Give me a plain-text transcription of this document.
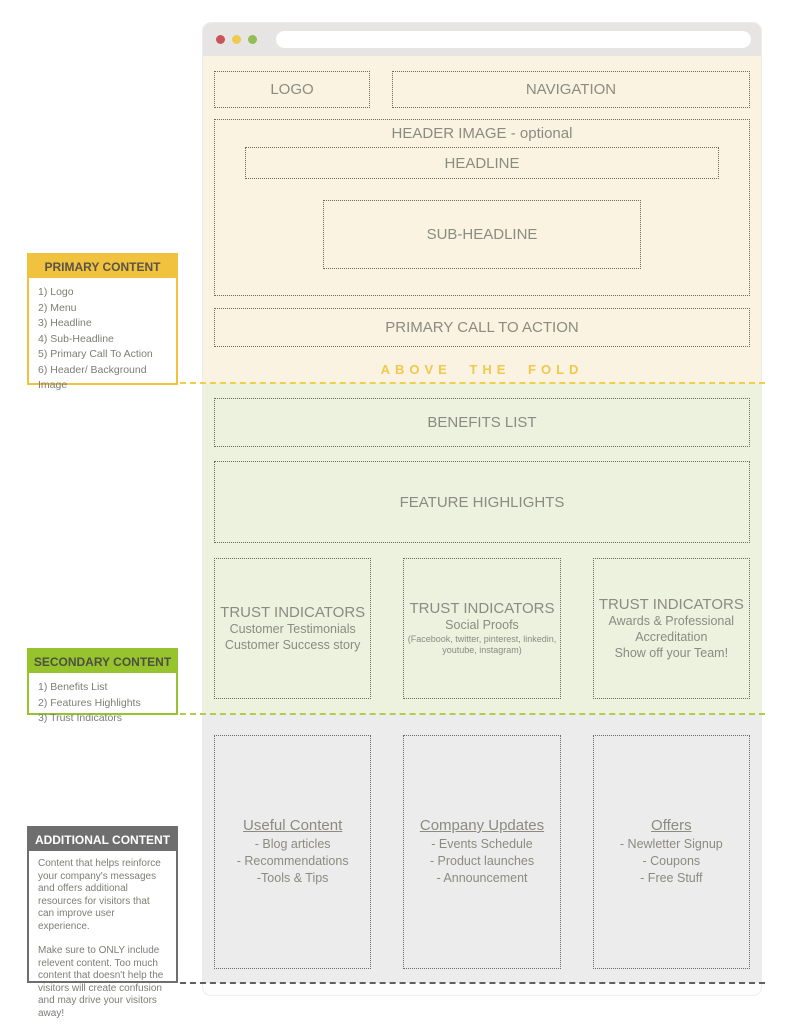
LOGO	NAVIGATION
HEADER IMAGE - optional
HEADLINE
SUB-HEADLINE
PRIMARY CALL TO ACTION
ABOVE THE FOLD
BENEFITS LIST
FEATURE HIGHLIGHTS
TRUST INDICATORS
Customer Testimonials
Customer Success story
TRUST INDICATORS
Social Proofs
(Facebook, twitter, pinterest, linkedin, youtube, instagram)
TRUST INDICATORS
Awards & Professional Accreditation
Show off your Team!
Useful Content
- Blog articles
- Recommendations
-Tools & Tips
Company Updates
- Events Schedule
- Product launches
- Announcement
Offers
- Newletter Signup
- Coupons
- Free Stuff
PRIMARY CONTENT
1) Logo
2) Menu
3) Headline
4) Sub-Headline
5) Primary Call To Action
6) Header/ Background Image
SECONDARY CONTENT
1) Benefits List
2) Features Highlights
3) Trust Indicators
ADDITIONAL CONTENT

Content that helps reinforce your company's messages and offers additional resources for visitors that can improve user experience.

Make sure to ONLY include relevent content. Too much content that doesn't help the visitors will create confusion and may drive your visitors away!
